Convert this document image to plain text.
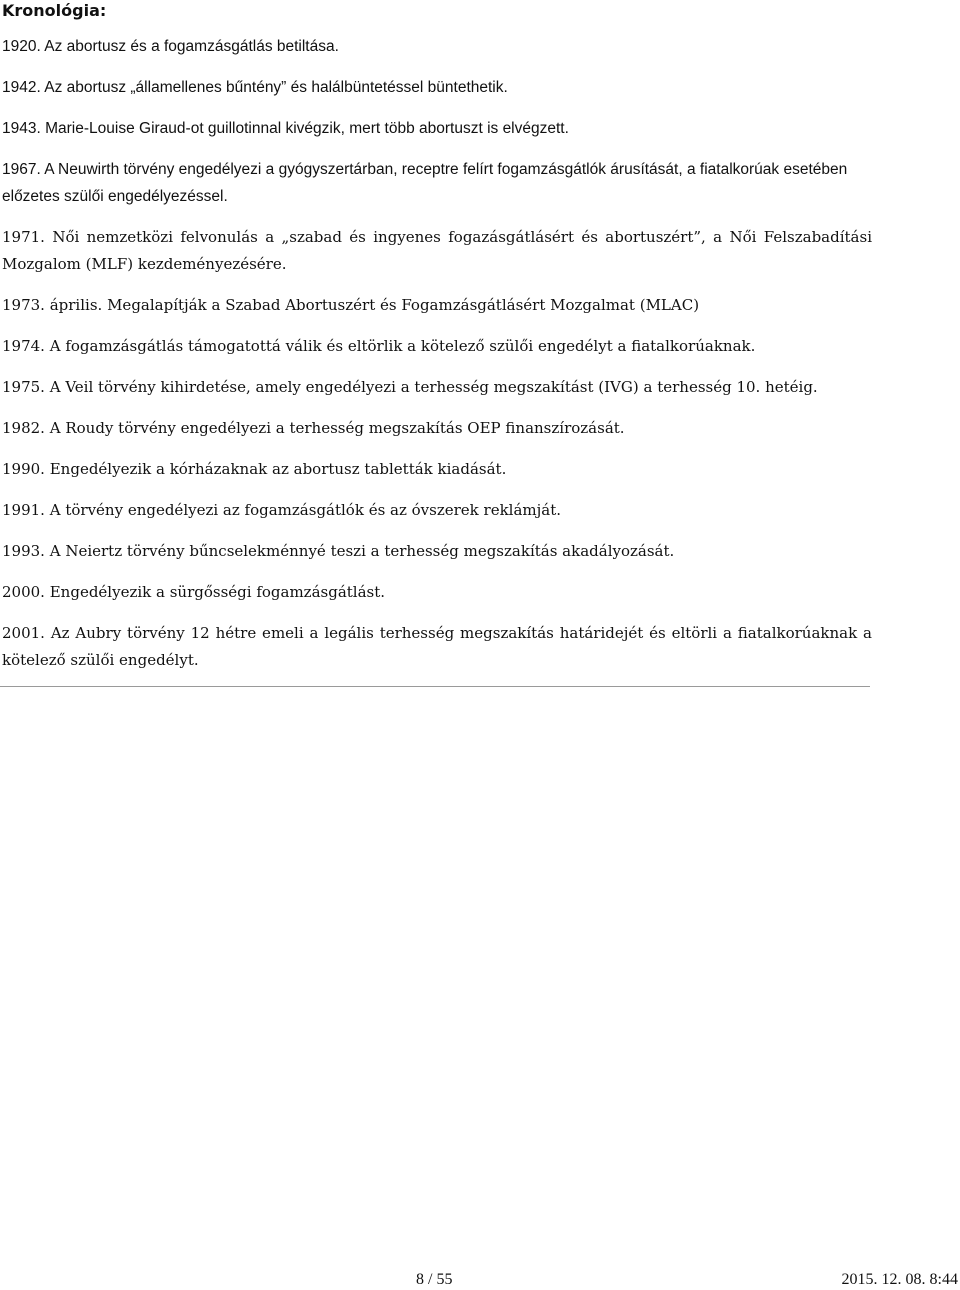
Kronológia:

1920. Az abortusz és a fogamzásgátlás betiltása.

1942. Az abortusz „államellenes bűntény” és halálbüntetéssel büntethetik.

1943. Marie-Louise Giraud-ot guillotinnal kivégzik, mert több abortuszt is elvégzett.

1967. A Neuwirth törvény engedélyezi a gyógyszertárban, receptre felírt fogamzásgátlók árusítását, a fiatalkorúak esetében előzetes szülői engedélyezéssel.

1971. Női nemzetközi felvonulás a „szabad és ingyenes fogazásgátlásért és abortuszért”, a Női Felszabadítási Mozgalom (MLF) kezdeményezésére.

1973. április. Megalapítják a Szabad Abortuszért és Fogamzásgátlásért Mozgalmat (MLAC)

1974. A fogamzásgátlás támogatottá válik és eltörlik a kötelező szülői engedélyt a fiatalkorúaknak.

1975. A Veil törvény kihirdetése, amely engedélyezi a terhesség megszakítást (IVG) a terhesség 10. hetéig.

1982. A Roudy törvény engedélyezi a terhesség megszakítás OEP finanszírozását.

1990. Engedélyezik a kórházaknak az abortusz tabletták kiadását.

1991. A törvény engedélyezi az fogamzásgátlók és az óvszerek reklámját.

1993. A Neiertz törvény bűncselekménnyé teszi a terhesség megszakítás akadályozását.

2000. Engedélyezik a sürgősségi fogamzásgátlást.

2001. Az Aubry törvény 12 hétre emeli a legális terhesség megszakítás határidejét és eltörli a fiatalkorúaknak a kötelező szülői engedélyt.

8 / 55	2015. 12. 08. 8:44
